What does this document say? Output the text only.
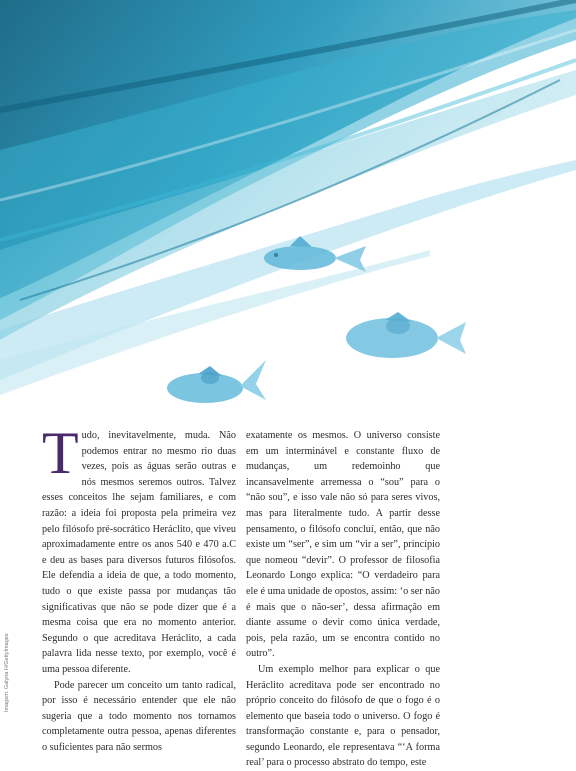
Imagem: Galyna H/GettyImages

Tudo, inevitavelmente, muda. Não podemos entrar no mesmo rio duas vezes, pois as águas serão outras e nós mesmos seremos outros. Talvez esses conceitos lhe sejam familiares, e com razão: a ideia foi proposta pela primeira vez pelo filósofo pré-socrático Heráclito, que viveu aproximadamente entre os anos 540 e 470 a.C e deu as bases para diversos futuros filósofos. Ele defendia a ideia de que, a todo momento, tudo o que existe passa por mudanças tão significativas que não se pode dizer que é a mesma coisa que era no momento anterior. Segundo o que acreditava Heráclito, a cada palavra lida nesse texto, por exemplo, você é uma pessoa diferente.

Pode parecer um conceito um tanto radical, por isso é necessário entender que ele não sugeria que a todo momento nos tornamos completamente outra pessoa, apenas diferentes o suficientes para não sermos

exatamente os mesmos. O universo consiste em um interminável e constante fluxo de mudanças, um redemoinho que incansavelmente arremessa o “sou” para o “não sou”, e isso vale não só para seres vivos, mas para literalmente tudo. A partir desse pensamento, o filósofo concluí, então, que não existe um “ser”, e sim um “vir a ser”, princípio que nomeou “devir”. O professor de filosofia Leonardo Longo explica: “O verdadeiro para ele é uma unidade de opostos, assim: ‘o ser não é mais que o não-ser’, dessa afirmação em diante assume o devir como única verdade, pois, pela razão, um se encontra contido no outro”.

Um exemplo melhor para explicar o que Heráclito acreditava pode ser encontrado no próprio conceito do filósofo de que o fogo é o elemento que baseia todo o universo. O fogo é transformação constante e, para o pensador, segundo Leonardo, ele representava “‘A forma real’ para o processo abstrato do tempo, este
